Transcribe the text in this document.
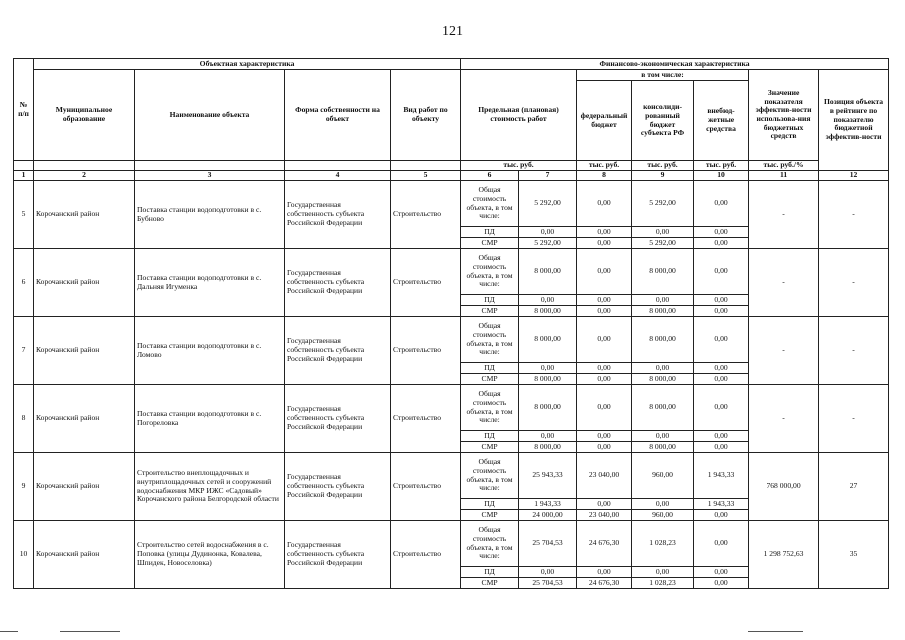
121
№ п/п	Объектная характеристика				Финансово-экономическая характеристика							
	Муниципальное образование	Наименование объекта	Форма собственности на объект	Вид работ по объекту	Предельная (плановая) стоимость работ		в том числе:			Значение показателя эффектив-ности использова-ния бюджетных средств	Позиция объекта в рейтинге по показателю бюджетной эффектив-ности	
							федеральный бюджет	консолиди-рованный бюджет субъекта РФ	внебюд-жетные средства			
					тыс. руб.		тыс. руб.	тыс. руб.	тыс. руб.	тыс. руб./%		
1	2	3	4	5	6	7	8	9	10	11	12	
5	Корочанский район	Поставка станции водоподготовки в с. Бубново	Государственная собственность субъекта Российской Федерации	Строительство	Общая стоимость объекта, в том числе:	5 292,00	0,00	5 292,00	0,00	-	-	
					ПД	0,00	0,00	0,00	0,00			
					СМР	5 292,00	0,00	5 292,00	0,00			
6	Корочанский район	Поставка станции водоподготовки в с. Дальняя Игуменка	Государственная собственность субъекта Российской Федерации	Строительство	Общая стоимость объекта, в том числе:	8 000,00	0,00	8 000,00	0,00	-	-	
					ПД	0,00	0,00	0,00	0,00			
					СМР	8 000,00	0,00	8 000,00	0,00			
7	Корочанский район	Поставка станции водоподготовки в с. Ломово	Государственная собственность субъекта Российской Федерации	Строительство	Общая стоимость объекта, в том числе:	8 000,00	0,00	8 000,00	0,00	-	-	
					ПД	0,00	0,00	0,00	0,00			
					СМР	8 000,00	0,00	8 000,00	0,00			
8	Корочанский район	Поставка станции водоподготовки в с. Погореловка	Государственная собственность субъекта Российской Федерации	Строительство	Общая стоимость объекта, в том числе:	8 000,00	0,00	8 000,00	0,00	-	-	
					ПД	0,00	0,00	0,00	0,00			
					СМР	8 000,00	0,00	8 000,00	0,00			
9	Корочанский район	Строительство внеплощадочных и внутриплощадочных сетей и сооружений водоснабжения МКР ИЖС «Садовый» Корочанского района Белгородской области	Государственная собственность субъекта Российской Федерации	Строительство	Общая стоимость объекта, в том числе:	25 943,33	23 040,00	960,00	1 943,33	768 000,00	27	
					ПД	1 943,33	0,00	0,00	1 943,33			
					СМР	24 000,00	23 040,00	960,00	0,00			
10	Корочанский район	Строительство сетей водоснабжения в с. Поповка (улицы Дудинонка, Ковалева, Шпидек, Новоселовка)	Государственная собственность субъекта Российской Федерации	Строительство	Общая стоимость объекта, в том числе:	25 704,53	24 676,30	1 028,23	0,00	1 298 752,63	35	
					ПД	0,00	0,00	0,00	0,00			
					СМР	25 704,53	24 676,30	1 028,23	0,00			
